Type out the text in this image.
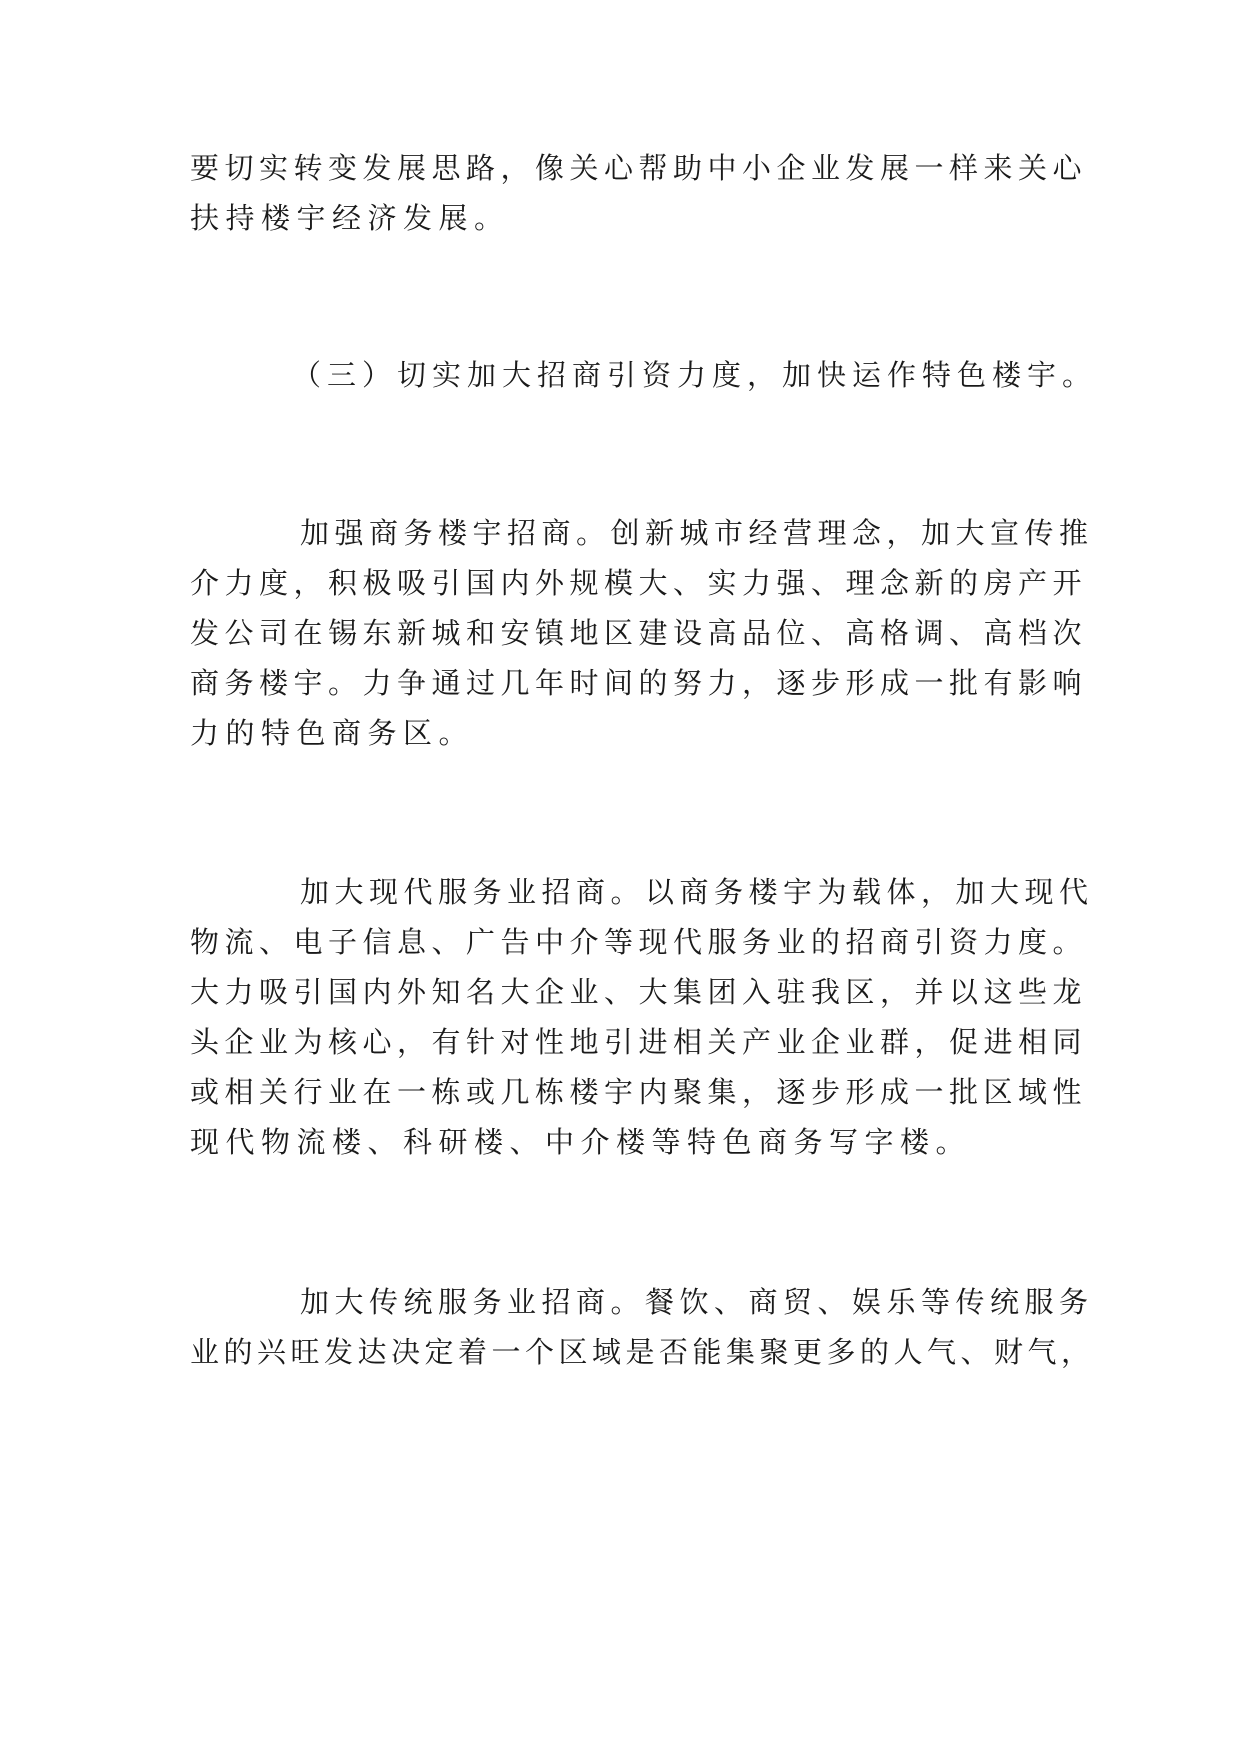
要切实转变发展思路，像关心帮助中小企业发展一样来关心
扶持楼宇经济发展。
（三）切实加大招商引资力度，加快运作特色楼宇。
加强商务楼宇招商。创新城市经营理念，加大宣传推
介力度，积极吸引国内外规模大、实力强、理念新的房产开
发公司在锡东新城和安镇地区建设高品位、高格调、高档次
商务楼宇。力争通过几年时间的努力，逐步形成一批有影响
力的特色商务区。
加大现代服务业招商。以商务楼宇为载体，加大现代
物流、电子信息、广告中介等现代服务业的招商引资力度。
大力吸引国内外知名大企业、大集团入驻我区，并以这些龙
头企业为核心，有针对性地引进相关产业企业群，促进相同
或相关行业在一栋或几栋楼宇内聚集，逐步形成一批区域性
现代物流楼、科研楼、中介楼等特色商务写字楼。
加大传统服务业招商。餐饮、商贸、娱乐等传统服务
业的兴旺发达决定着一个区域是否能集聚更多的人气、财气，
